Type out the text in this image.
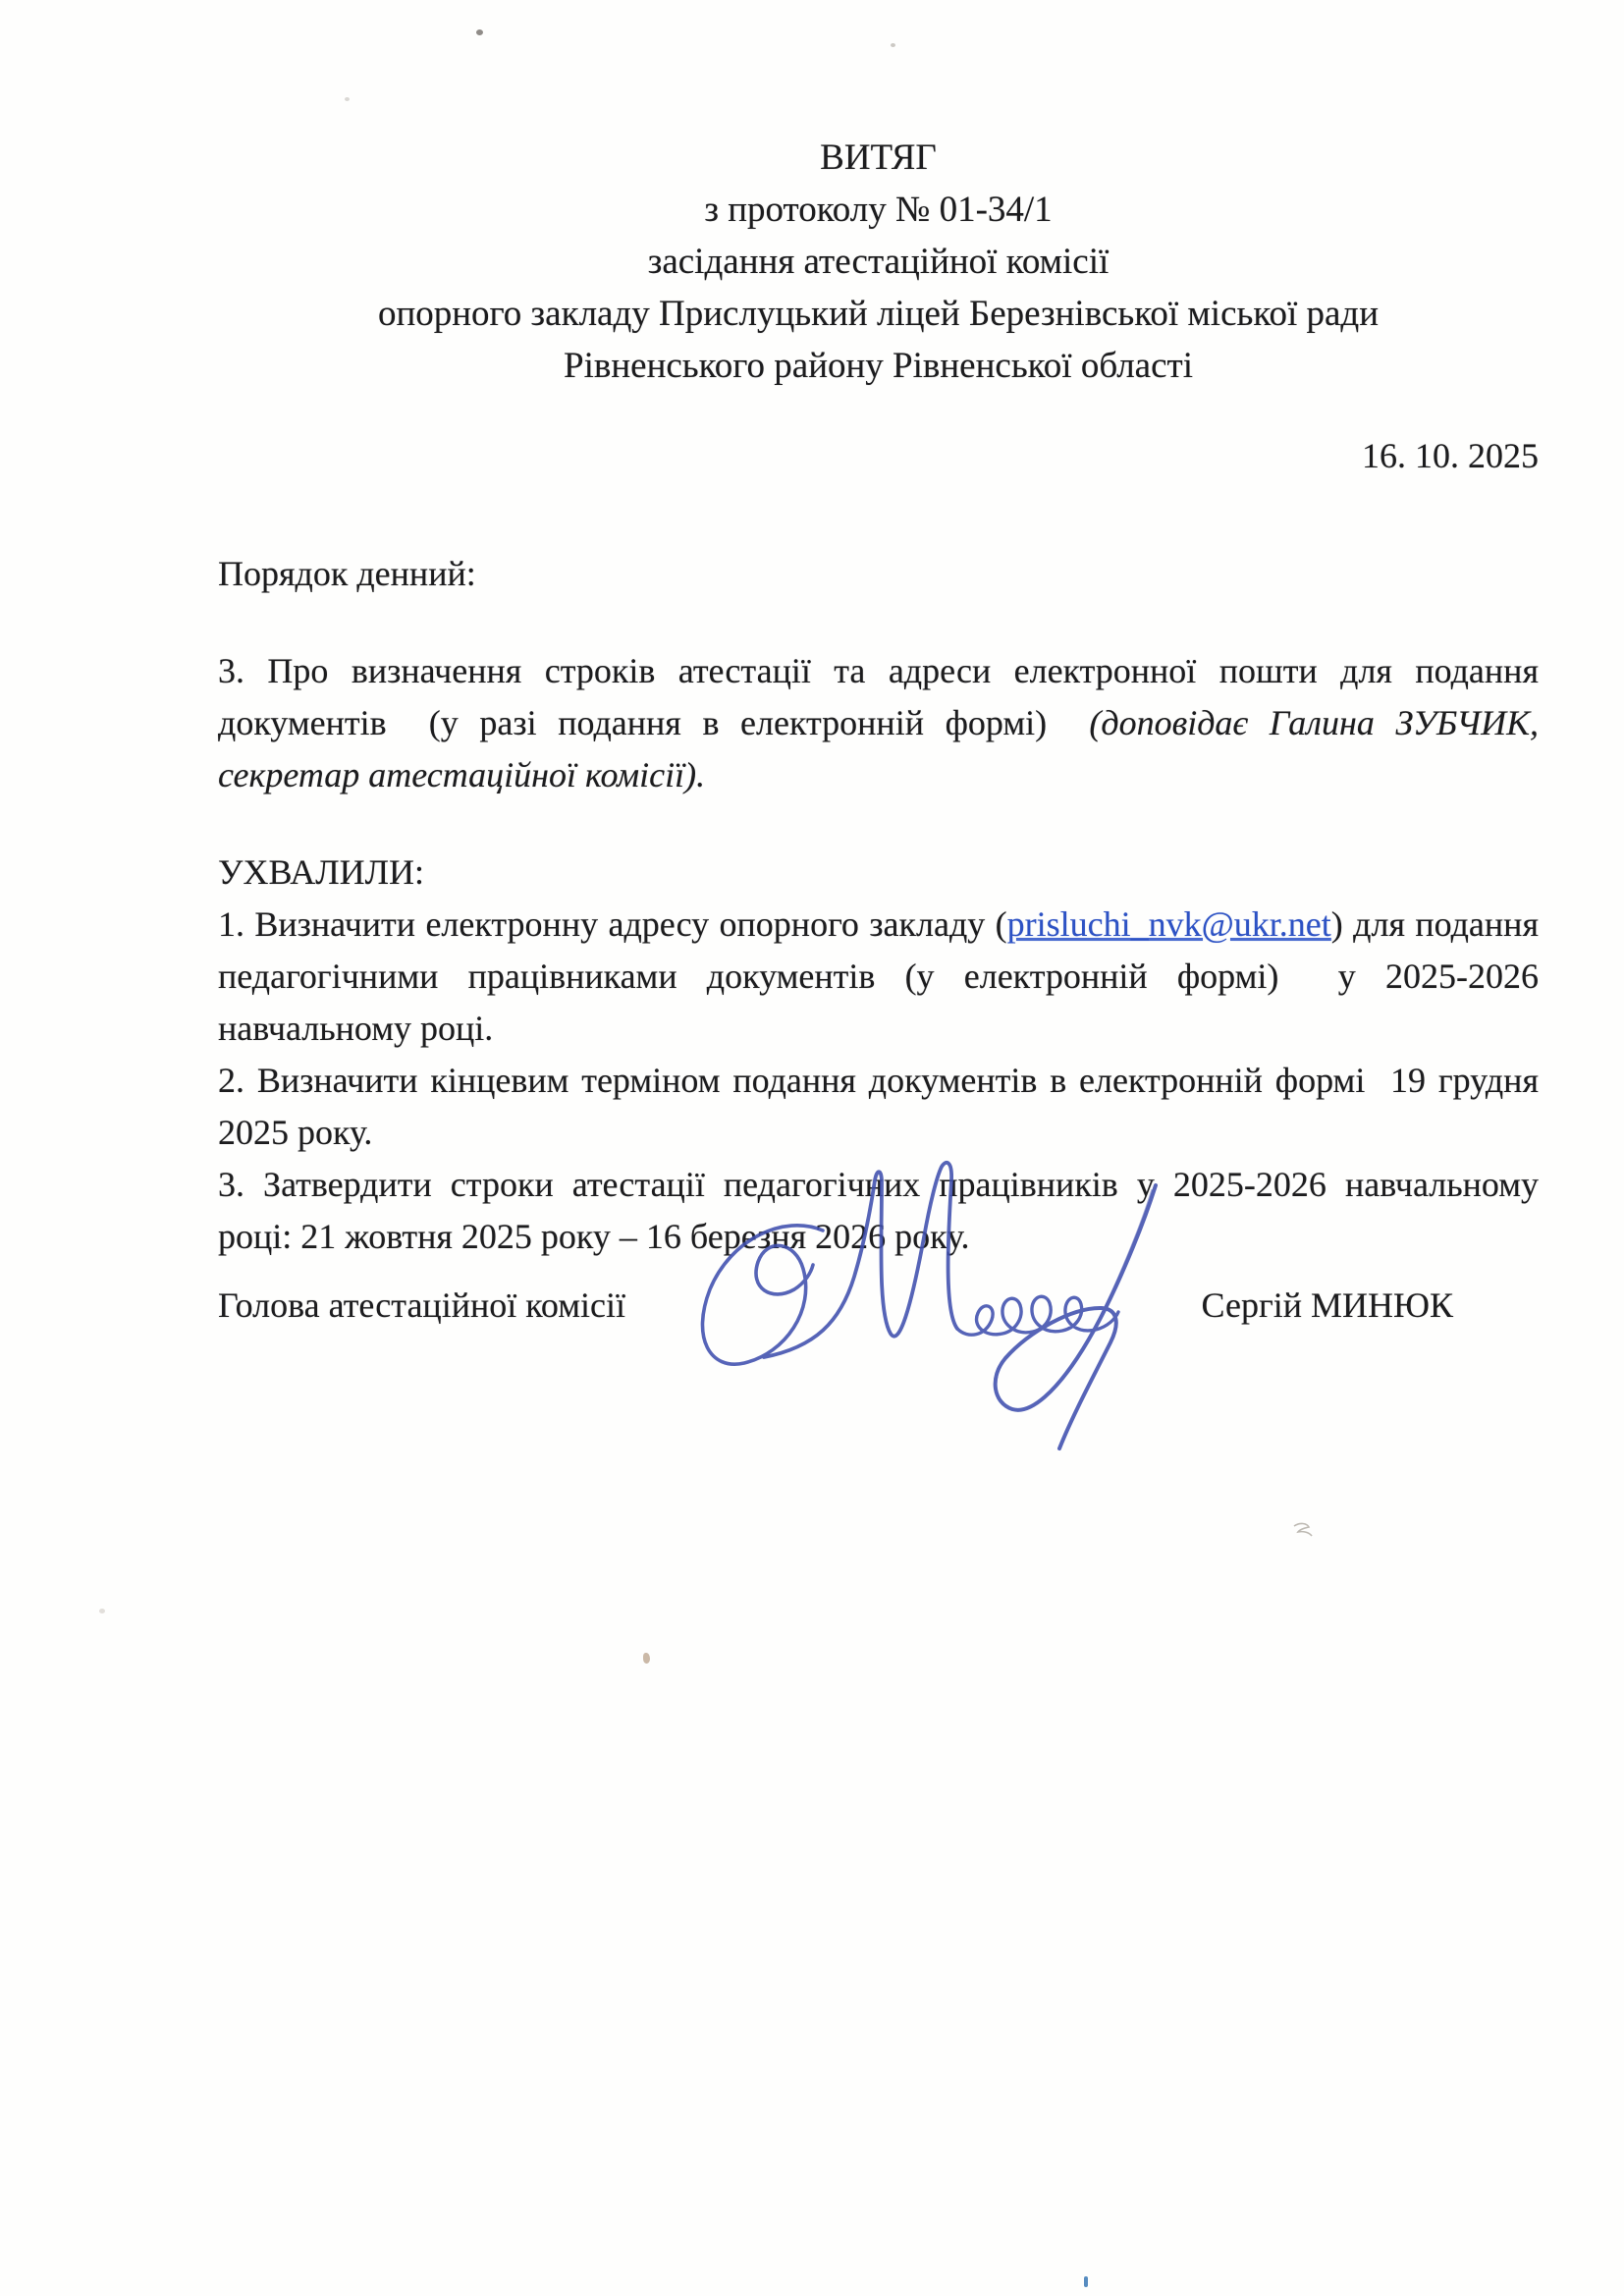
ВИТЯГ
з протоколу № 01-34/1
засідання атестаційної комісії
опорного закладу Прислуцький ліцей Березнівської міської ради
Рівненського району Рівненської області
16. 10. 2025

Порядок денний:

3. Про визначення строків атестації та адреси електронної пошти для подання документів  (у разі подання в електронній формі)  (доповідає Галина ЗУБЧИК, секретар атестаційної комісії).

УХВАЛИЛИ:

1. Визначити електронну адресу опорного закладу (prisluchi_nvk@ukr.net) для подання педагогічними працівниками документів (у електронній формі)  у 2025-2026 навчальному році.

2. Визначити кінцевим терміном подання документів в електронній формі  19 грудня 2025 року.

3. Затвердити строки атестації педагогічних працівників у 2025-2026 навчальному році: 21 жовтня 2025 року – 16 березня 2026 року.

Голова атестаційної комісії	Сергій МИНЮК
